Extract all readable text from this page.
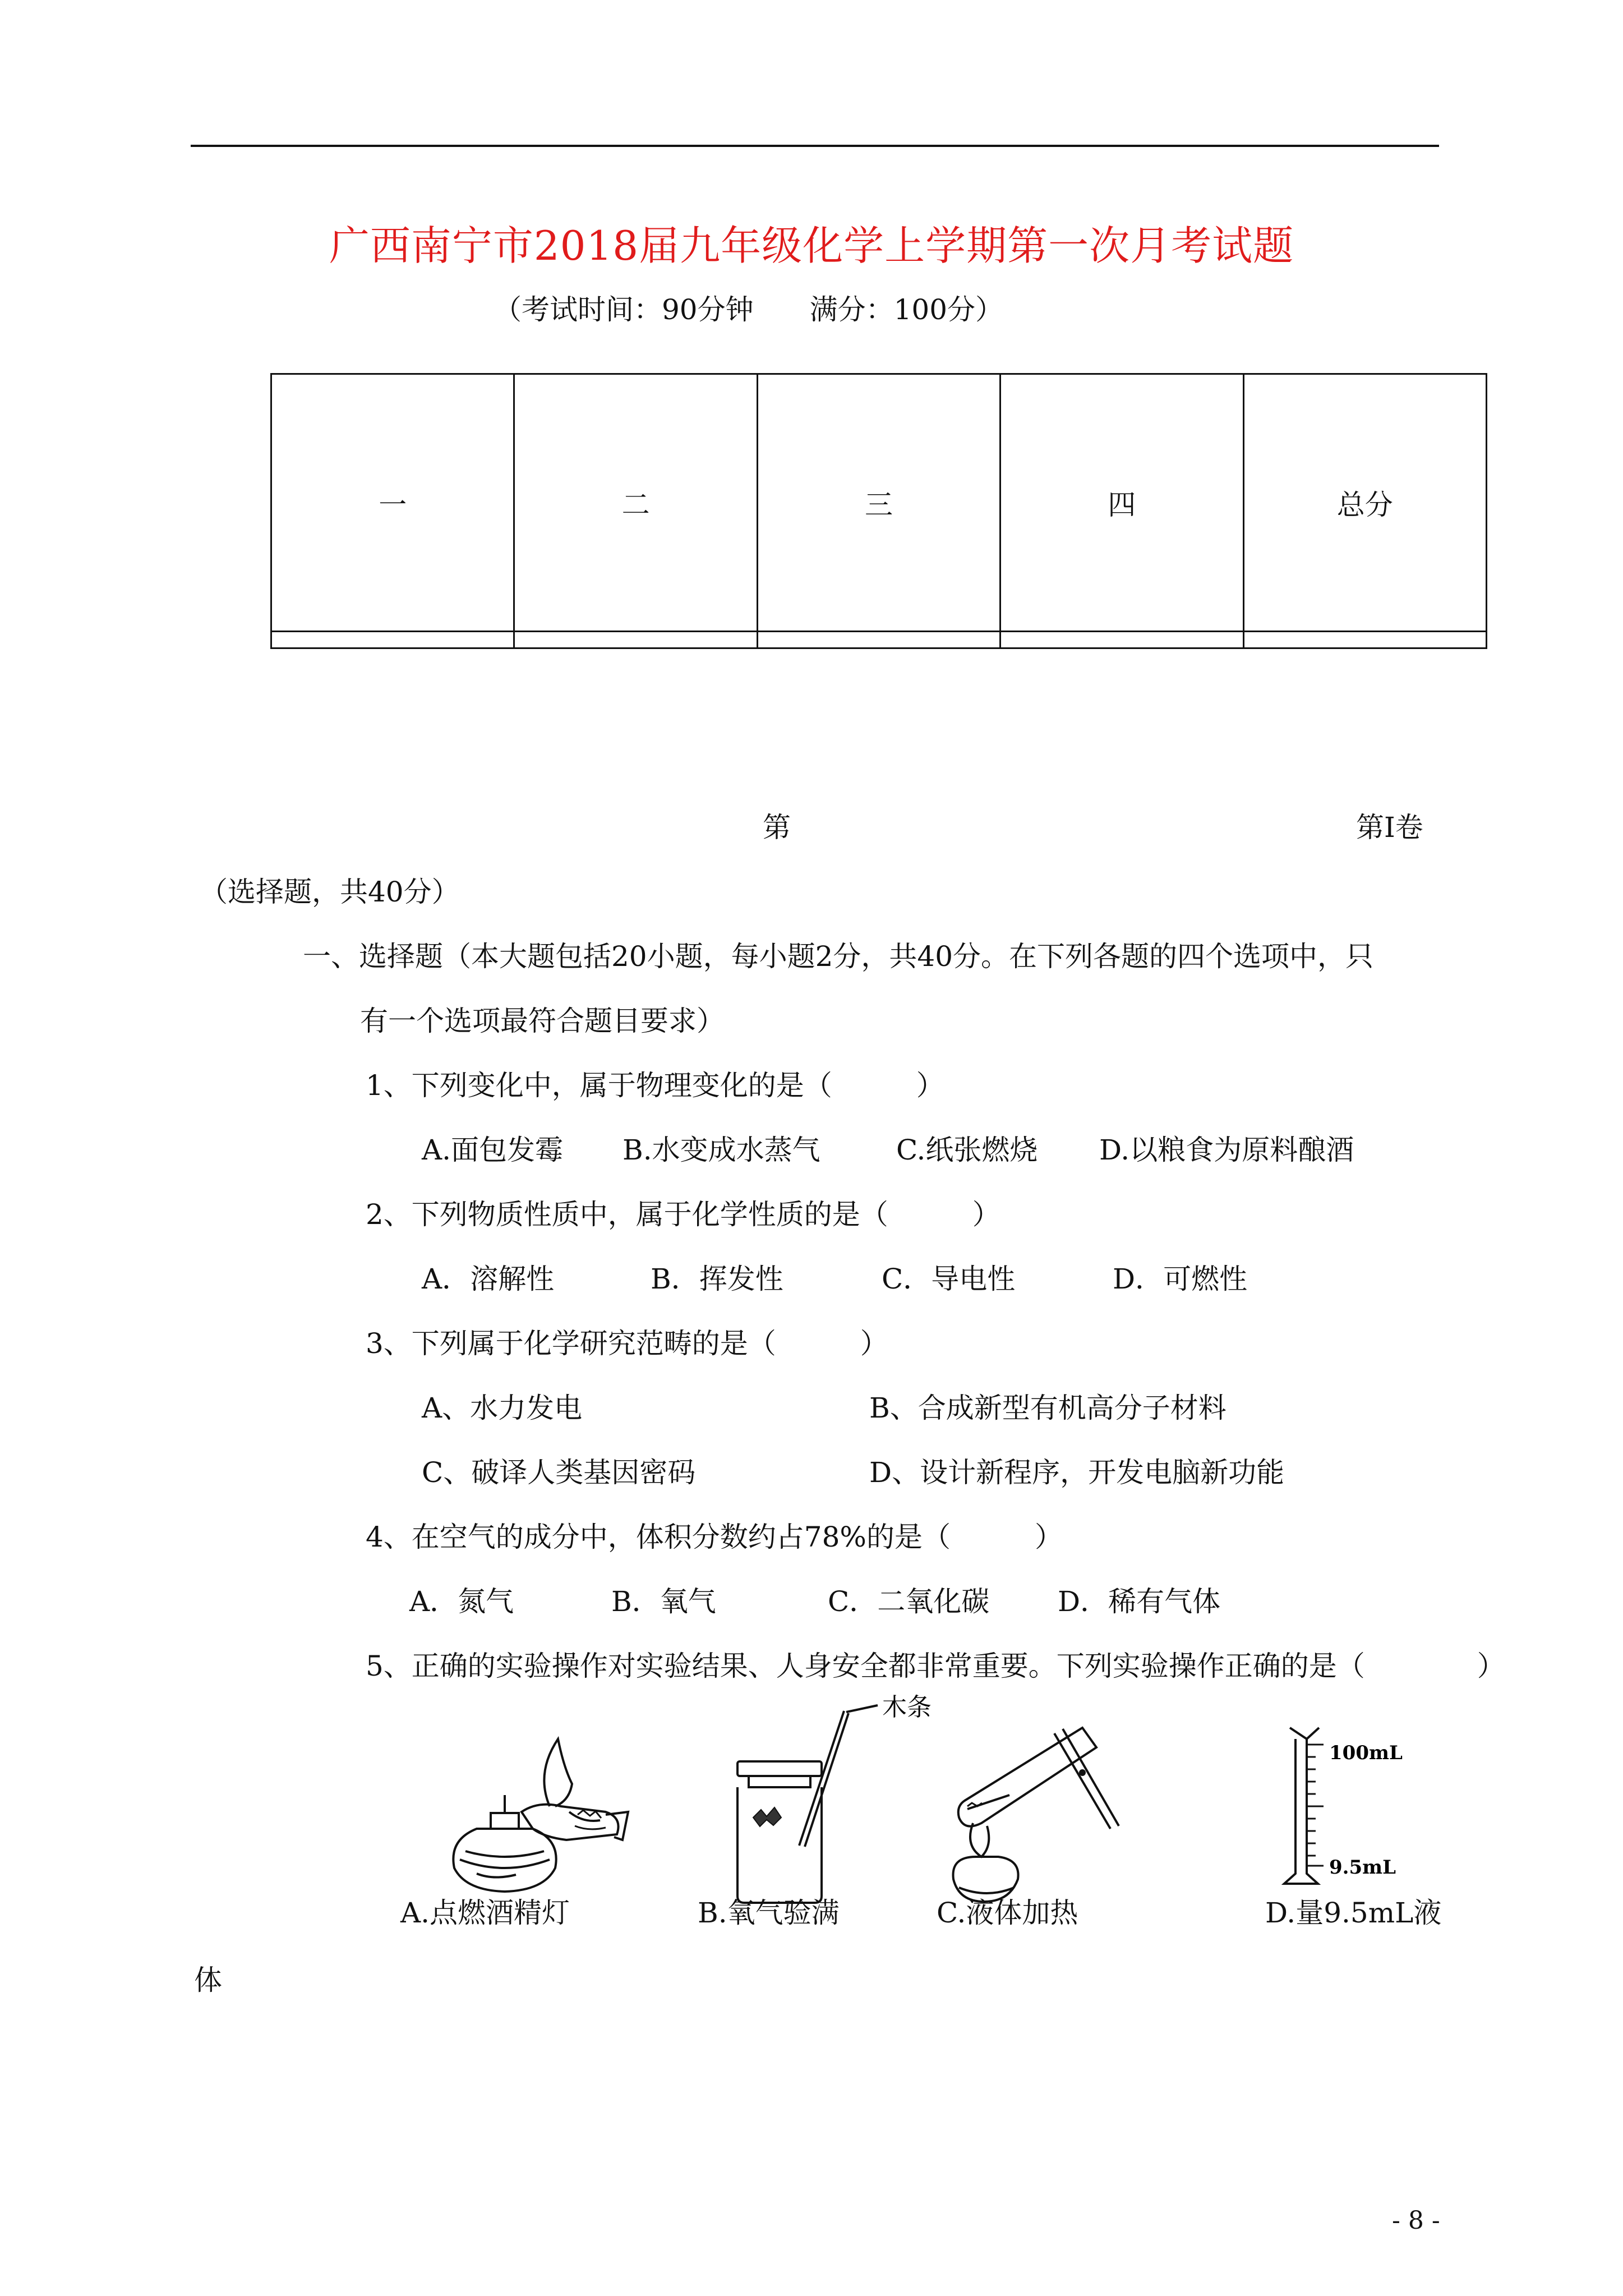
广西南宁市2018届九年级化学上学期第一次月考试题
（考试时间：90分钟　　满分：100分）
一	二	三	四	总分

第	第Ⅰ卷
（选择题，共40分）
一、选择题（本大题包括20小题，每小题2分，共40分。在下列各题的四个选项中，只
有一个选项最符合题目要求）
1、下列变化中，属于物理变化的是（　　　）
A.面包发霉 B.水变成水蒸气	C.纸张燃烧 D.以粮食为原料酿酒
2、下列物质性质中，属于化学性质的是（　　　）
A．溶解性	B．挥发性	C．导电性	D．可燃性
3、下列属于化学研究范畴的是（　　　）
A、水力发电	B、合成新型有机高分子材料
C、破译人类基因密码	D、设计新程序，开发电脑新功能
4、在空气的成分中，体积分数约占78%的是（　　　）
A．氮气	B．氧气	C．二氧化碳 D．稀有气体
5、正确的实验操作对实验结果、人身安全都非常重要。下列实验操作正确的是（　　　　）
木条
100mL
9.5mL
A.点燃酒精灯	B.氧气验满	C.液体加热	D.量9.5mL液
体
- 8 -
